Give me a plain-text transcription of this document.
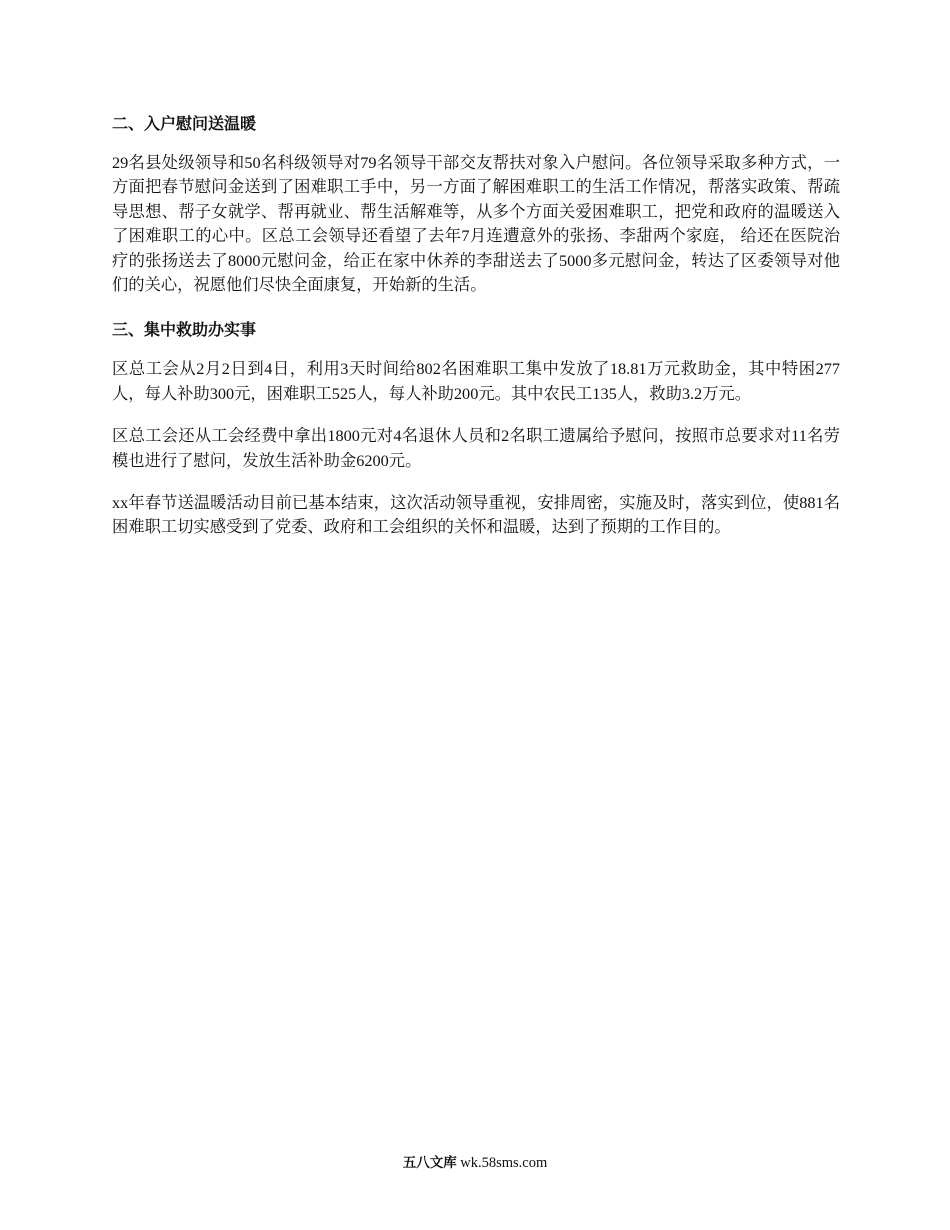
二、入户慰问送温暖

29名县处级领导和50名科级领导对79名领导干部交友帮扶对象入户慰问。各位领导采取多种方式，一方面把春节慰问金送到了困难职工手中，另一方面了解困难职工的生活工作情况，帮落实政策、帮疏导思想、帮子女就学、帮再就业、帮生活解难等，从多个方面关爱困难职工，把党和政府的温暖送入了困难职工的心中。区总工会领导还看望了去年7月连遭意外的张扬、李甜两个家庭， 给还在医院治疗的张扬送去了8000元慰问金，给正在家中休养的李甜送去了5000多元慰问金，转达了区委领导对他们的关心，祝愿他们尽快全面康复，开始新的生活。

三、集中救助办实事

区总工会从2月2日到4日，利用3天时间给802名困难职工集中发放了18.81万元救助金，其中特困277人，每人补助300元，困难职工525人，每人补助200元。其中农民工135人，救助3.2万元。

区总工会还从工会经费中拿出1800元对4名退休人员和2名职工遗属给予慰问，按照市总要求对11名劳模也进行了慰问，发放生活补助金6200元。

xx年春节送温暖活动目前已基本结束，这次活动领导重视，安排周密，实施及时，落实到位，使881名困难职工切实感受到了党委、政府和工会组织的关怀和温暖，达到了预期的工作目的。

五八文库 wk.58sms.com
